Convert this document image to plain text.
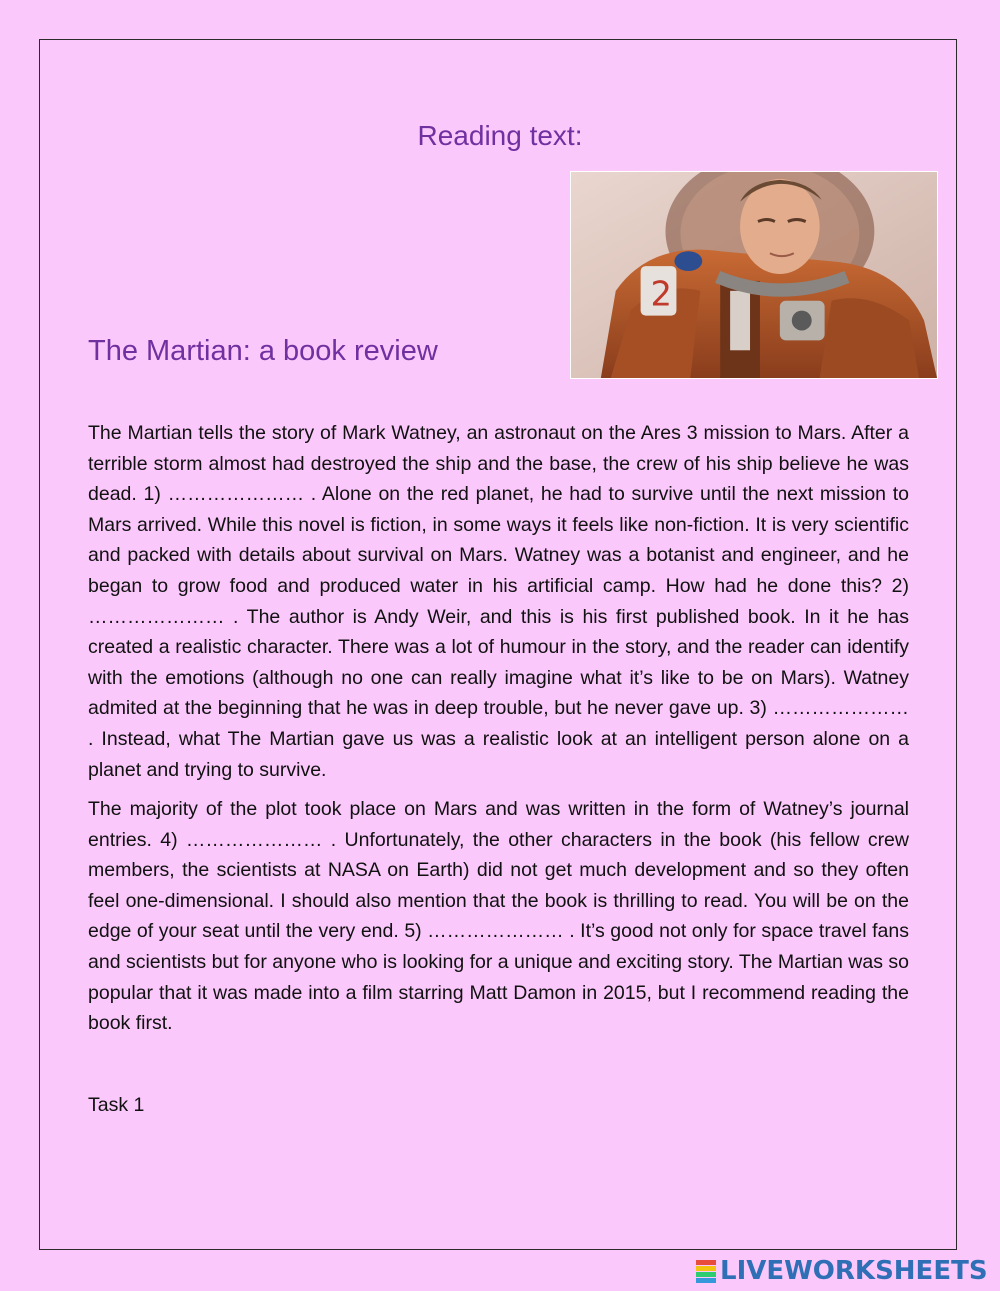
Reading text:
2
The Martian: a book review

The Martian tells the story of Mark Watney, an astronaut on the Ares 3 mission to Mars. After a terrible storm almost had destroyed the ship and the base, the crew of his ship believe he was dead. 1) ………………… . Alone on the red planet, he had to survive until the next mission to Mars arrived. While this novel is fiction, in some ways it feels like non-fiction. It is very scientific and packed with details about survival on Mars. Watney was a botanist and engineer, and he began to grow food and produced water in his artificial camp. How had he done this? 2) ………………… . The author is Andy Weir, and this is his first published book. In it he has created a realistic character. There was a lot of humour in the story, and the reader can identify with the emotions (although no one can really imagine what it’s like to be on Mars). Watney admited at the beginning that he was in deep trouble, but he never gave up. 3) ………………… . Instead, what The Martian gave us was a realistic look at an intelligent person alone on a planet and trying to survive.

The majority of the plot took place on Mars and was written in the form of Watney’s journal entries. 4) ………………… . Unfortunately, the other characters in the book (his fellow crew members, the scientists at NASA on Earth) did not get much development and so they often feel one-dimensional. I should also mention that the book is thrilling to read. You will be on the edge of your seat until the very end. 5) ………………… . It’s good not only for space travel fans and scientists but for anyone who is looking for a unique and exciting story. The Martian was so popular that it was made into a film starring Matt Damon in 2015, but I recommend reading the book first.

Task 1
LIVEWORKSHEETS
